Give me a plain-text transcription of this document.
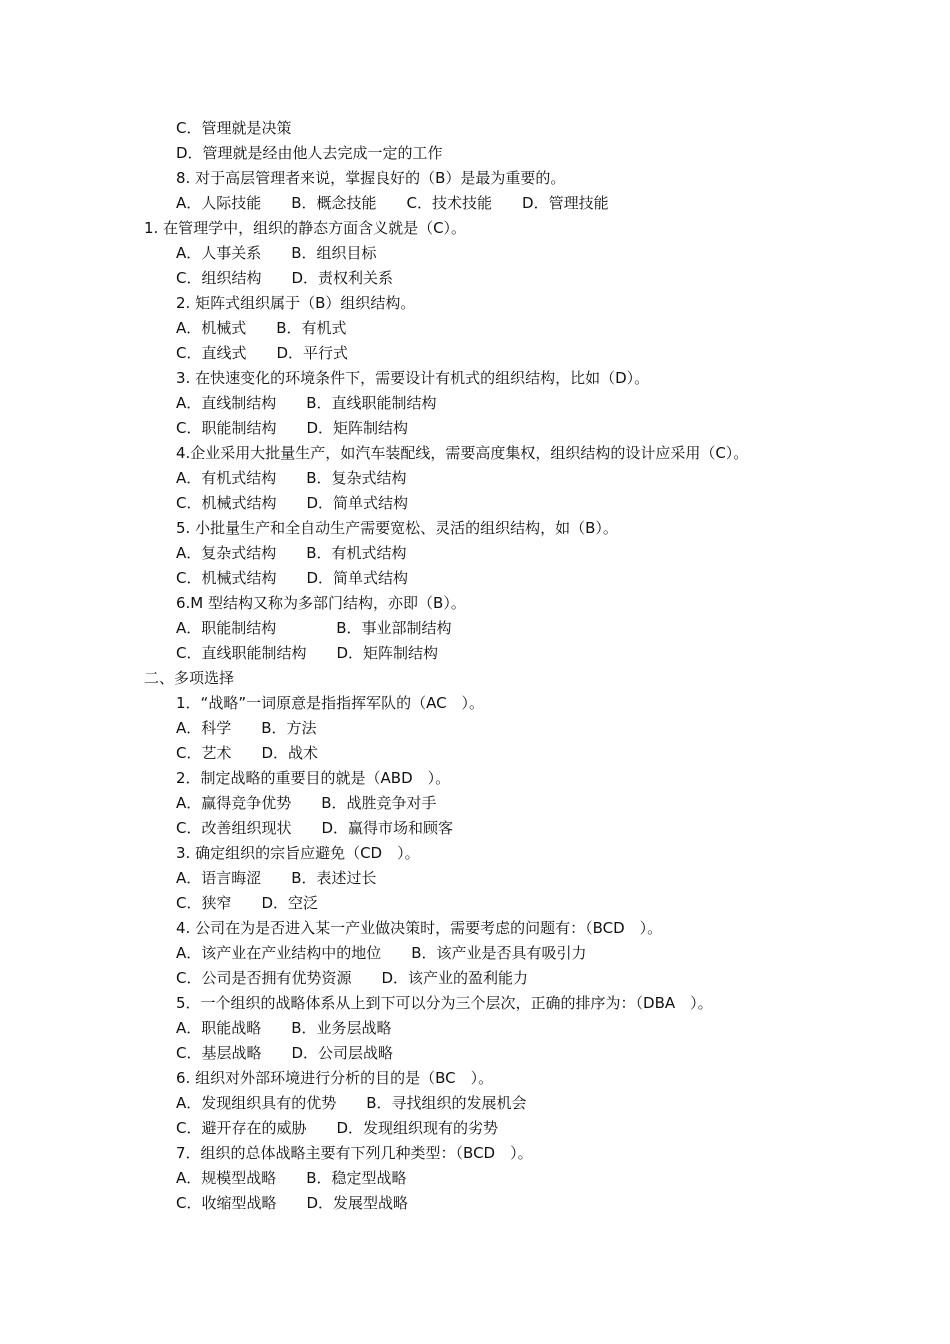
C．管理就是决策
D．管理就是经由他人去完成一定的工作
8. 对于高层管理者来说，掌握良好的（B）是最为重要的。
A．人际技能　　B．概念技能　　C．技术技能　　D．管理技能
1. 在管理学中，组织的静态方面含义就是（C）。
A．人事关系　　B．组织目标
C．组织结构　　D．责权利关系
2. 矩阵式组织属于（B）组织结构。
A．机械式　　B．有机式
C．直线式　　D．平行式
3. 在快速变化的环境条件下，需要设计有机式的组织结构，比如（D）。
A．直线制结构　　B．直线职能制结构
C．职能制结构　　D．矩阵制结构
4.企业采用大批量生产，如汽车装配线，需要高度集权，组织结构的设计应采用（C）。
A．有机式结构　　B．复杂式结构
C．机械式结构　　D．简单式结构
5. 小批量生产和全自动生产需要宽松、灵活的组织结构，如（B）。
A．复杂式结构　　B．有机式结构
C．机械式结构　　D．简单式结构
6.M 型结构又称为多部门结构，亦即（B）。
A．职能制结构　　　　B．事业部制结构
C．直线职能制结构　　D．矩阵制结构
二、多项选择
1．“战略”一词原意是指指挥军队的（AC　）。
A．科学　　B．方法
C．艺术　　D．战术
2．制定战略的重要目的就是（ABD　）。
A．赢得竞争优势　　B．战胜竞争对手
C．改善组织现状　　D．赢得市场和顾客
3. 确定组织的宗旨应避免（CD　）。
A．语言晦涩　　B．表述过长
C．狭窄　　D．空泛
4. 公司在为是否进入某一产业做决策时，需要考虑的问题有：（BCD　）。
A．该产业在产业结构中的地位　　B．该产业是否具有吸引力
C．公司是否拥有优势资源　　D．该产业的盈利能力
5．一个组织的战略体系从上到下可以分为三个层次，正确的排序为：（DBA　）。
A．职能战略　　B．业务层战略
C．基层战略　　D．公司层战略
6. 组织对外部环境进行分析的目的是（BC　）。
A．发现组织具有的优势　　B．寻找组织的发展机会
C．避开存在的威胁　　D．发现组织现有的劣势
7．组织的总体战略主要有下列几种类型：（BCD　）。
A．规模型战略　　B．稳定型战略
C．收缩型战略　　D．发展型战略
